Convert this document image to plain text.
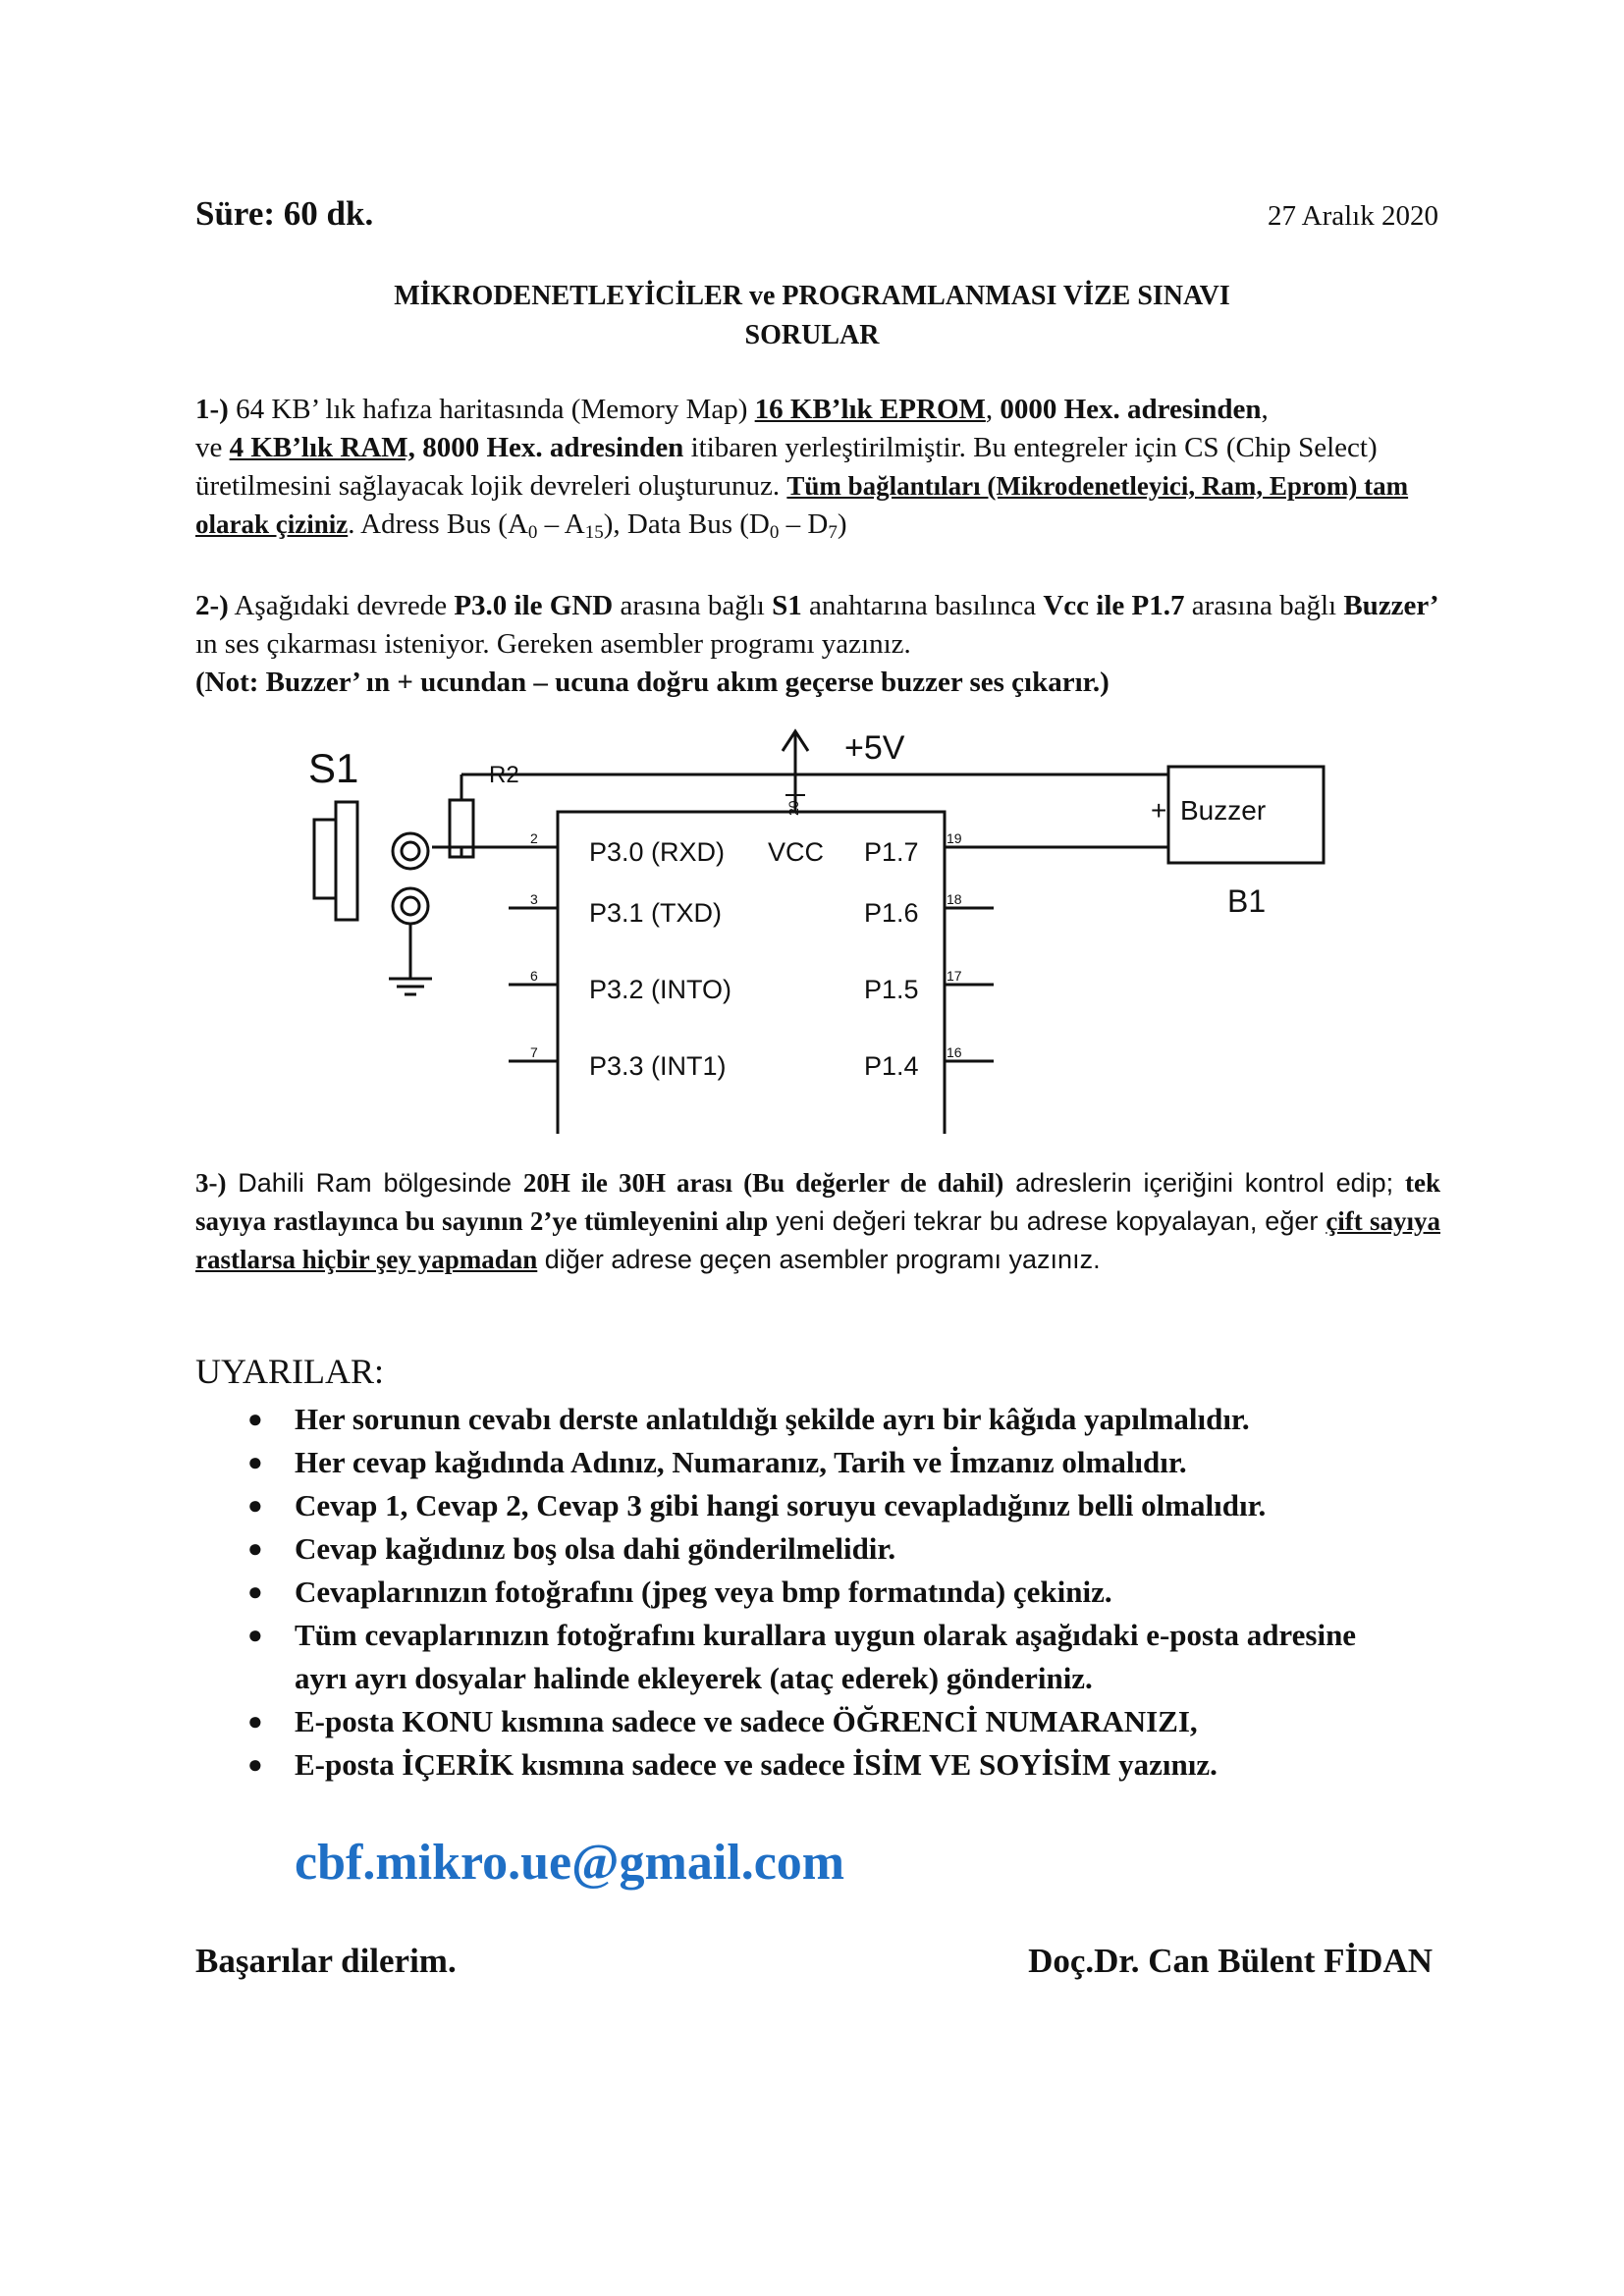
Süre: 60 dk.	27 Aralık 2020
MİKRODENETLEYİCİLER ve PROGRAMLANMASI VİZE SINAVI
SORULAR

1-) 64 KB’ lık hafıza haritasında (Memory Map) 16 KB’lık EPROM, 0000 Hex. adresinden,
ve 4 KB’lık RAM, 8000 Hex. adresinden itibaren yerleştirilmiştir. Bu entegreler için CS (Chip Select) üretilmesini sağlayacak lojik devreleri oluşturunuz. Tüm bağlantıları (Mikrodenetleyici, Ram, Eprom) tam olarak çiziniz. Adress Bus $(A_0 - A_{15})$, Data Bus $(D_0 - D_7)$

2-) Aşağıdaki devrede P3.0 ile GND arasına bağlı S1 anahtarına basılınca Vcc ile P1.7 arasına bağlı Buzzer’ ın ses çıkarması isteniyor. Gereken asembler programı yazınız.
(Not: Buzzer’ ın + ucundan – ucuna doğru akım geçerse buzzer ses çıkarır.)

S1	R2
+5V
20	+ Buzzer
B1
VCC
2 P3.0 (RXD)
3 P3.1 (TXD)
6 P3.2 (INTO)
7 P3.3 (INT1)
P1.7 19
P1.6 18
P1.5 17
P1.4 16

3-) Dahili Ram bölgesinde 20H ile 30H arası (Bu değerler de dahil) adreslerin içeriğini kontrol edip; tek sayıya rastlayınca bu sayının 2’ye tümleyenini alıp yeni değeri tekrar bu adrese kopyalayan, eğer çift sayıya rastlarsa hiçbir şey yapmadan diğer adrese geçen asembler programı yazınız.

UYARILAR:
● Her sorunun cevabı derste anlatıldığı şekilde ayrı bir kâğıda yapılmalıdır.
● Her cevap kağıdında Adınız, Numaranız, Tarih ve İmzanız olmalıdır.
● Cevap 1, Cevap 2, Cevap 3 gibi hangi soruyu cevapladığınız belli olmalıdır.
● Cevap kağıdınız boş olsa dahi gönderilmelidir.
● Cevaplarınızın fotoğrafını (jpeg veya bmp formatında) çekiniz.
● Tüm cevaplarınızın fotoğrafını kurallara uygun olarak aşağıdaki e-posta adresine ayrı ayrı dosyalar halinde ekleyerek (ataç ederek) gönderiniz.
● E-posta KONU kısmına sadece ve sadece ÖĞRENCİ NUMARANIZI,
● E-posta İÇERİK kısmına sadece ve sadece İSİM VE SOYİSİM yazınız.
cbf.mikro.ue@gmail.com
Başarılar dilerim.	Doç.Dr. Can Bülent FİDAN
